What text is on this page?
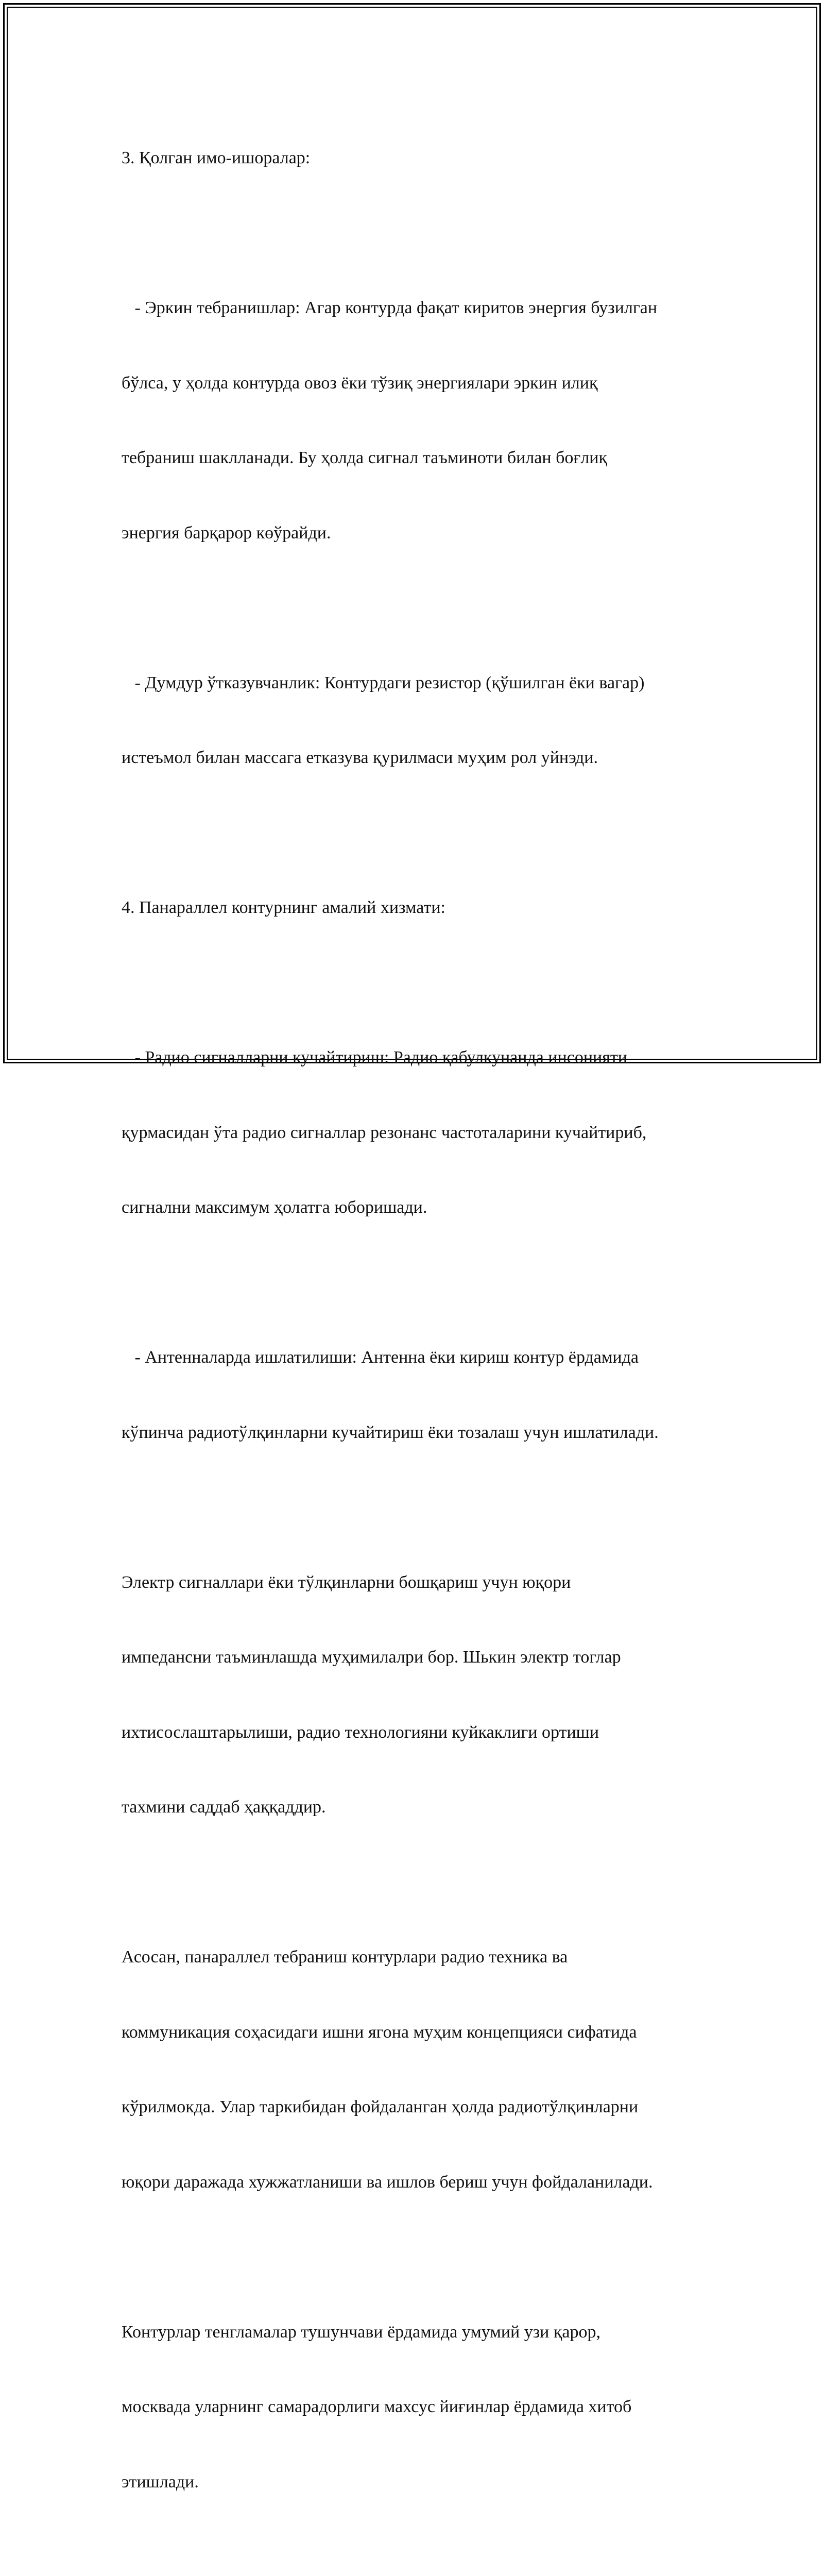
3. Қолган имо-ишоралар:

- Эркин тебранишлар: Агар контурда фақат киритов энергия бузилган

бўлса, у ҳолда контурда овоз ёки тўзиқ энергиялари эркин илиқ

тебраниш шаклланади. Бу ҳолда сигнал таъминоти билан боғлиқ

энергия барқарор көўрайди.

- Думдур ўтказувчанлик: Контурдаги резистор (қўшилган ёки вагар)

истеъмол билан массага етказува қурилмаси муҳим рол уйнэди.

4. Панараллел контурнинг амалий хизмати:

- Радио сигналларни кучайтириш: Радио қабулкунанда инсонияти

қурмасидан ўта радио сигналлар резонанс частоталарини кучайтириб,

сигнални максимум ҳолатга юборишади.

- Антенналарда ишлатилиши: Антенна ёки кириш контур ёрдамида

кўпинча радиотўлқинларни кучайтириш ёки тозалаш учун ишлатилади.

Электр сигналлари ёки тўлқинларни бошқариш учун юқори

импедансни таъминлашда муҳимилалри бор. Шькин электр тоглар

ихтисослаштарылиши, радио технологияни куйкаклиги ортиши

тахмини саддаб ҳаққаддир.

Асосан, панараллел тебраниш контурлари радио техника ва

коммуникация соҳасидаги ишни ягона муҳим концепцияси сифатида

кўрилмокда. Улар таркибидан фойдаланган ҳолда радиотўлқинларни

юқори даражада хужжатланиши ва ишлов бериш учун фойдаланилади.

Контурлар тенгламалар тушунчави ёрдамида умумий узи қарор,

москвада уларнинг самарадорлиги махсус йиғинлар ёрдамида хитоб

этишлади.
